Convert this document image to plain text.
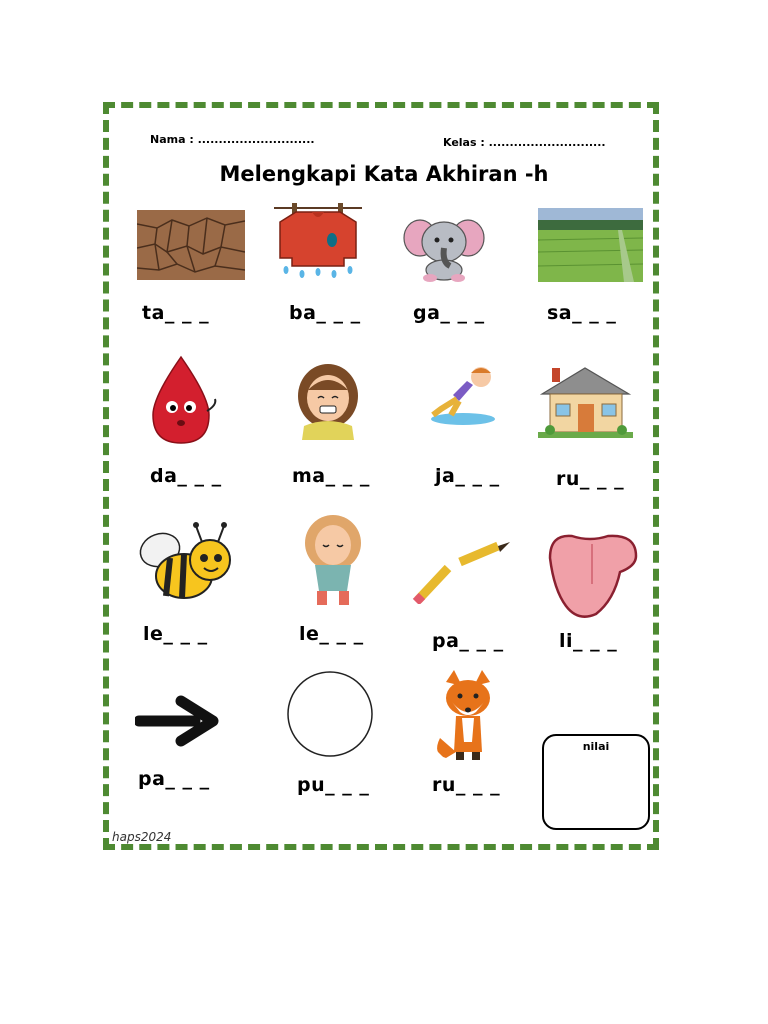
Nama : ............................	Kelas : ............................
Melengkapi Kata Akhiran -h
ta_ _ _	ba_ _ _	ga_ _ _	sa_ _ _
da_ _ _	ma_ _ _	ja_ _ _	ru_ _ _
le_ _ _	le_ _ _	pa_ _ _	li_ _ _
pa_ _ _	pu_ _ _	ru_ _ _
nilai
haps2024
